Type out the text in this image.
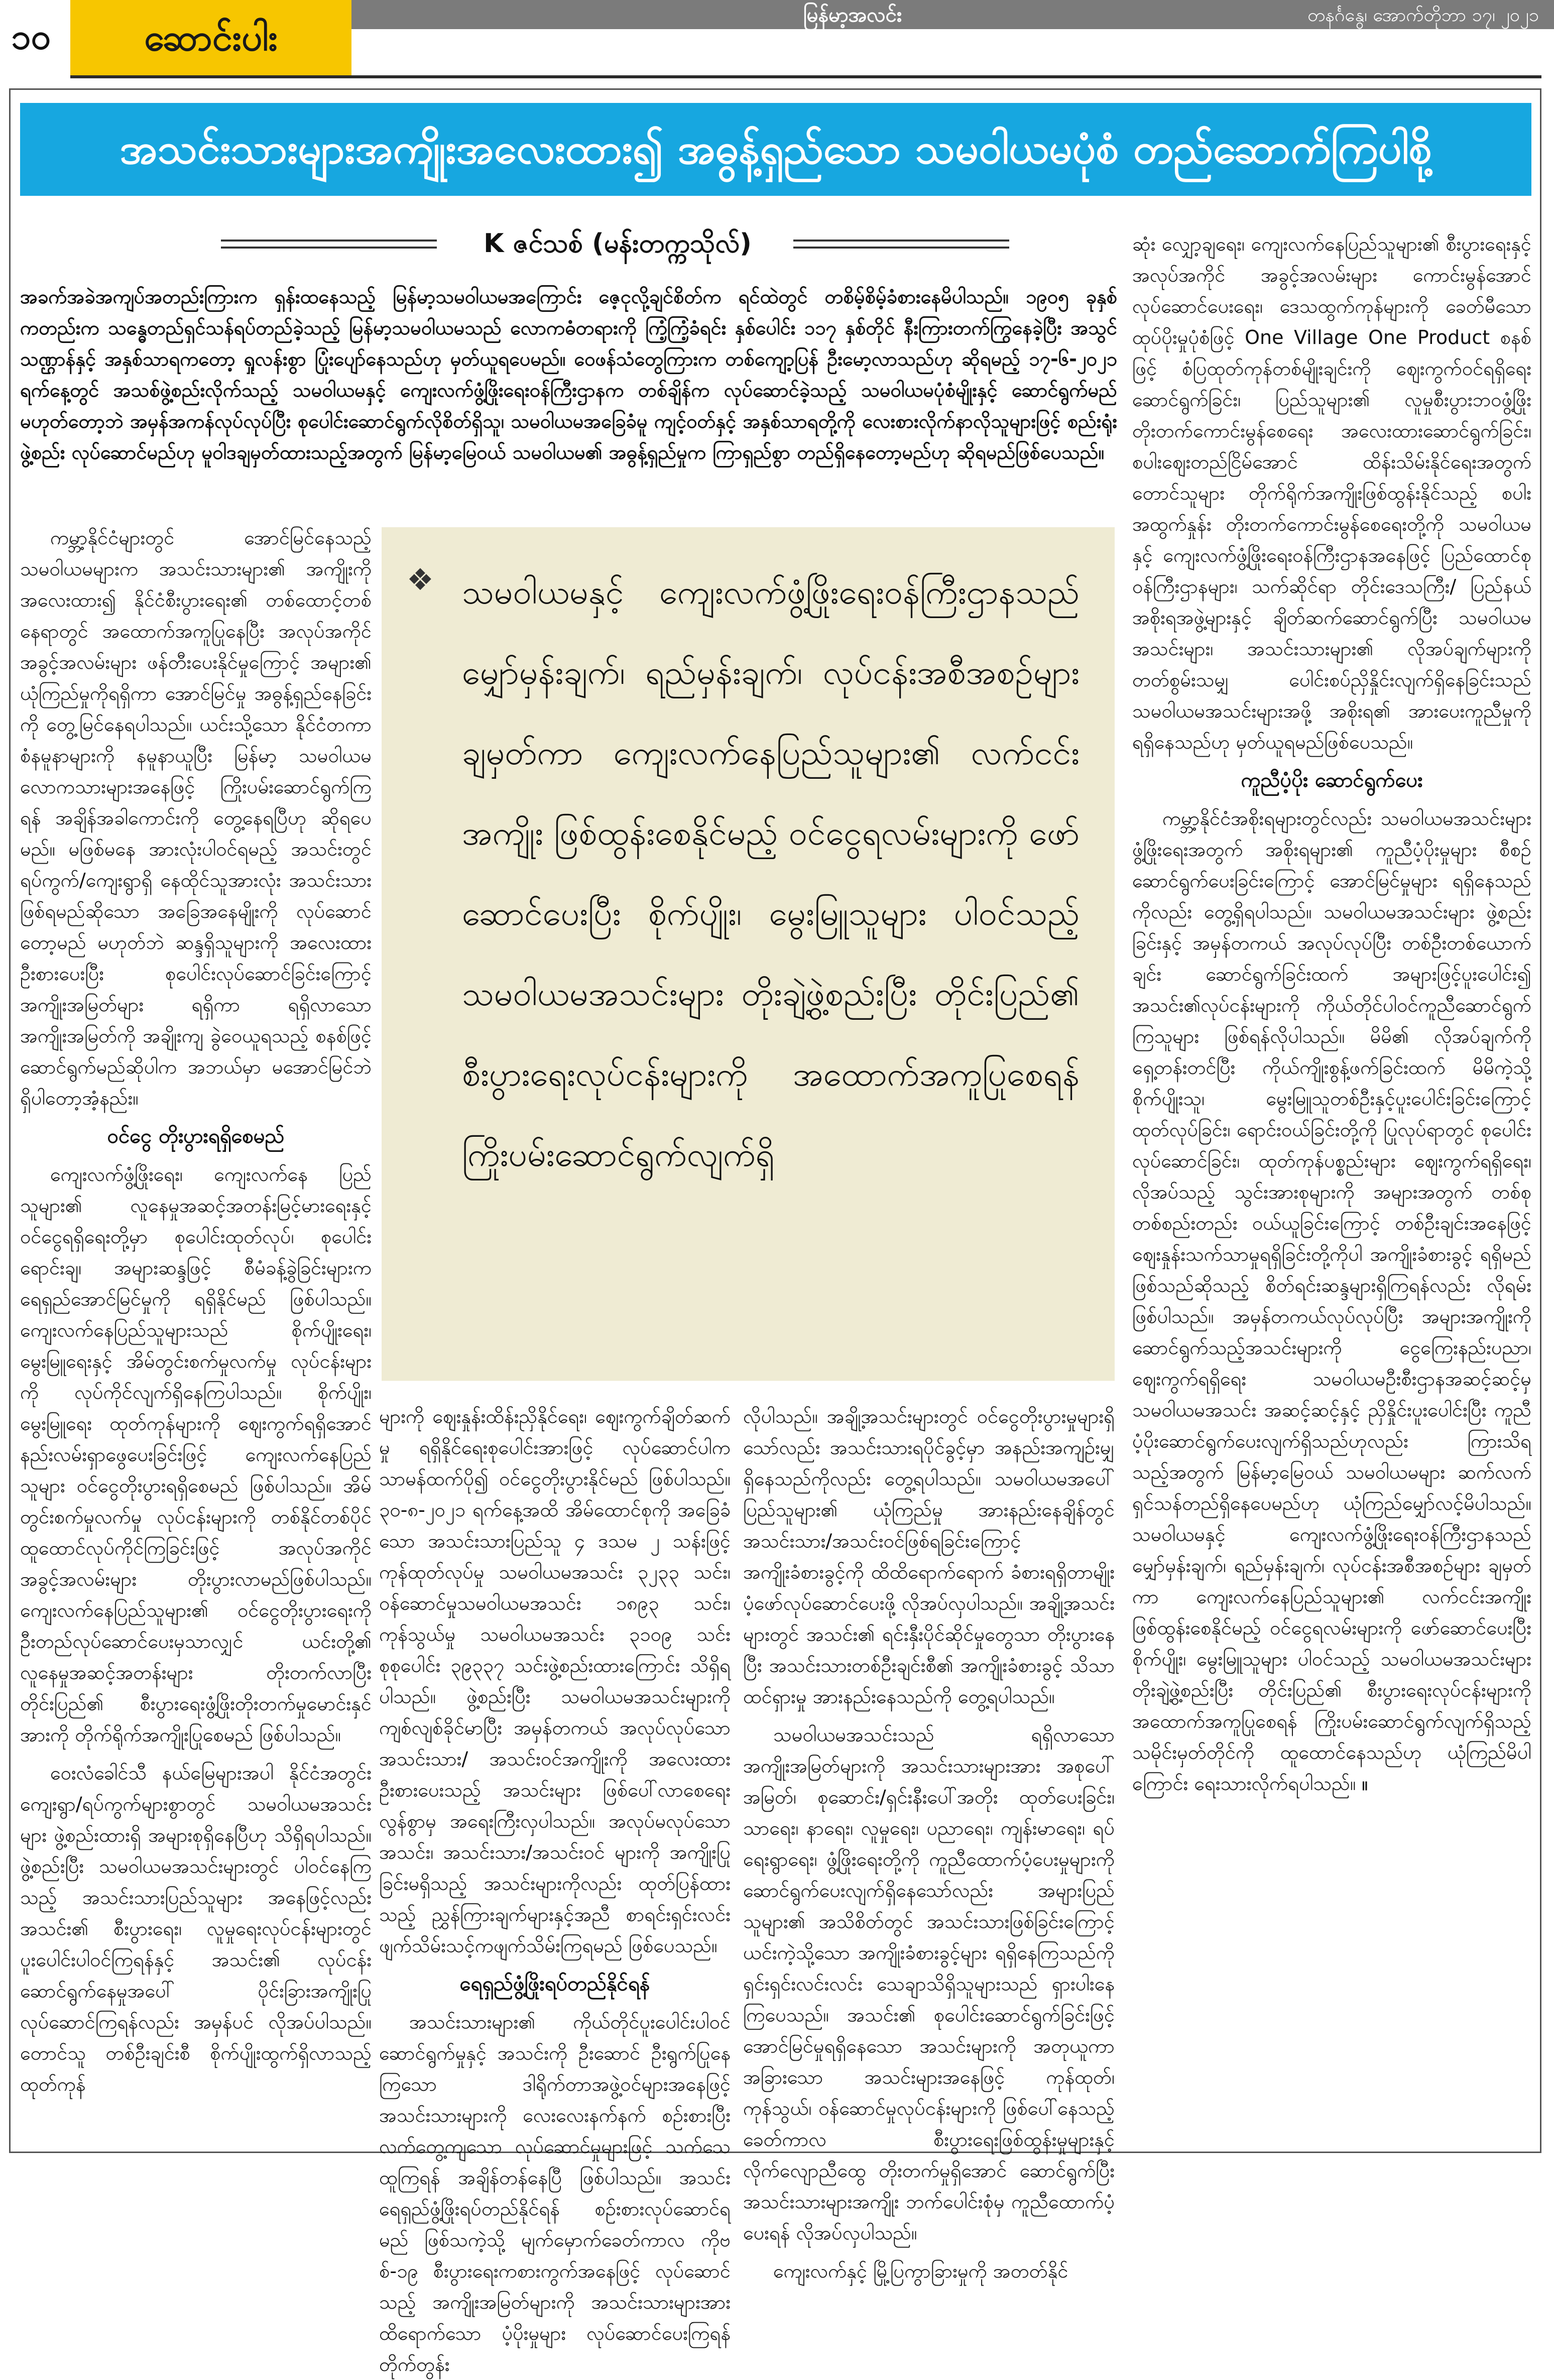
၁၀	ဆောင်းပါး
မြန်မာ့အလင်း	တနင်္ဂနွေ၊ အောက်တိုဘာ ၁၇၊ ၂၀၂၁
အသင်းသားများအကျိုးအလေးထား၍ အဓွန့်ရှည်သော သမဝါယမပုံစံ တည်ဆောက်ကြပါစို့
K ဇင်သစ် (မန်းတက္ကသိုလ်)

အခက်အခဲအကျပ်အတည်းကြားက ရှန်းထနေသည့် မြန်မာ့သမဝါယမအကြောင်း ဇေ့ငုလို့ချင်စိတ်က ရင်ထဲတွင် တစိမ့်စိမ့်ခံစားနေမိပါသည်။ ၁၉၀၅ ခုနှစ်ကတည်းက သန္ဓေတည်ရှင်သန်ရပ်တည်ခဲ့သည့် မြန်မာ့သမဝါယမသည် လောကဓံတရားကို ကြံ့ကြံ့ခံရင်း နှစ်ပေါင်း ၁၁၇ နှစ်တိုင် နီးကြားတက်ကြွနေခဲ့ပြီး အသွင်သဏ္ဌာန်နှင့် အနှစ်သာရကတော့ ရှုလန်းစွာ ပြုံးပျော်နေသည်ဟု မှတ်ယူရပေမည်။ ဝေဖန်သံတွေကြားက တစ်ကျော့ပြန် ဦးမော့လာသည်ဟု ဆိုရမည့် ၁၇-၆-၂၀၂၁ ရက်နေ့တွင် အသစ်ဖွဲ့စည်းလိုက်သည့် သမဝါယမနှင့် ကျေးလက်ဖွံ့ဖြိုးရေးဝန်ကြီးဌာနက တစ်ချိန်က လုပ်ဆောင်ခဲ့သည့် သမဝါယမပုံစံမျိုးနှင့် ဆောင်ရွက်မည် မဟုတ်တော့ဘဲ အမှန်အကန်လုပ်လုပ်ပြီး စုပေါင်းဆောင်ရွက်လိုစိတ်ရှိသူ၊ သမဝါယမအခြေခံမူ ကျင့်ဝတ်နှင့် အနှစ်သာရတို့ကို လေးစားလိုက်နာလိုသူများဖြင့် စည်းရုံးဖွဲ့စည်း လုပ်ဆောင်မည်ဟု မူဝါဒချမှတ်ထားသည့်အတွက် မြန်မာ့မြေဝယ် သမဝါယမ၏ အဓွန့်ရှည်မှုက ကြာရှည်စွာ တည်ရှိနေတော့မည်ဟု ဆိုရမည်ဖြစ်ပေသည်။

ကမ္ဘာ့နိုင်ငံများတွင် အောင်မြင်နေသည့် သမဝါယမများက အသင်းသားများ၏ အကျိုးကို အလေးထား၍ နိုင်ငံစီးပွားရေး၏ တစ်ထောင့်တစ်နေရာတွင် အထောက်အကူပြုနေပြီး အလုပ်အကိုင် အခွင့်အလမ်းများ ဖန်တီးပေးနိုင်မှုကြောင့် အများ၏ ယုံကြည်မှုကိုရရှိကာ အောင်မြင်မှု အဓွန့်ရှည်နေခြင်းကို တွေ့မြင်နေရပါသည်။ ယင်းသို့သော နိုင်ငံတကာစံနမူနာများကို နမူနာယူပြီး မြန်မာ့ သမဝါယမလောကသားများအနေဖြင့် ကြိုးပမ်းဆောင်ရွက်ကြရန် အချိန်အခါကောင်းကို တွေ့နေရပြီဟု ဆိုရပေမည်။ မဖြစ်မနေ အားလုံးပါဝင်ရမည့် အသင်းတွင် ရပ်ကွက်/ကျေးရွာရှိ နေထိုင်သူအားလုံး အသင်းသားဖြစ်ရမည်ဆိုသော အခြေအနေမျိုးကို လုပ်ဆောင်တော့မည် မဟုတ်ဘဲ ဆန္ဒရှိသူများကို အလေးထားဦးစားပေးပြီး စုပေါင်းလုပ်ဆောင်ခြင်းကြောင့် အကျိုးအမြတ်များ ရရှိကာ ရရှိလာသော အကျိုးအမြတ်ကို အချိုးကျ ခွဲဝေယူရသည့် စနစ်ဖြင့် ဆောင်ရွက်မည်ဆိုပါက အဘယ်မှာ မအောင်မြင်ဘဲ ရှိပါတော့အံ့နည်း။

ဝင်ငွေ တိုးပွားရရှိစေမည်

ကျေးလက်ဖွံ့ဖြိုးရေး၊ ကျေးလက်နေ ပြည်သူများ၏ လူနေမှုအဆင့်အတန်းမြင့်မားရေးနှင့် ဝင်ငွေရရှိရေးတို့မှာ စုပေါင်းထုတ်လုပ်၊ စုပေါင်းရောင်းချ၊ အများဆန္ဒဖြင့် စီမံခန့်ခွဲခြင်းများက ရေရှည်အောင်မြင်မှုကို ရရှိနိုင်မည် ဖြစ်ပါသည်။ ကျေးလက်နေပြည်သူများသည် စိုက်ပျိုးရေး၊ မွေးမြူရေးနှင့် အိမ်တွင်းစက်မှုလက်မှု လုပ်ငန်းများကို လုပ်ကိုင်လျက်ရှိနေကြပါသည်။ စိုက်ပျိုး၊ မွေးမြူရေး ထုတ်ကုန်များကို ဈေးကွက်ရရှိအောင် နည်းလမ်းရှာဖွေပေးခြင်းဖြင့် ကျေးလက်နေပြည်သူများ ဝင်ငွေတိုးပွားရရှိစေမည် ဖြစ်ပါသည်။ အိမ်တွင်းစက်မှုလက်မှု လုပ်ငန်းများကို တစ်နိုင်တစ်ပိုင်ထူထောင်လုပ်ကိုင်ကြခြင်းဖြင့် အလုပ်အကိုင်အခွင့်အလမ်းများ တိုးပွားလာမည်ဖြစ်ပါသည်။ ကျေးလက်နေပြည်သူများ၏ ဝင်ငွေတိုးပွားရေးကို ဦးတည်လုပ်ဆောင်ပေးမှသာလျှင် ယင်းတို့၏ လူနေမှုအဆင့်အတန်းများ တိုးတက်လာပြီး တိုင်းပြည်၏ စီးပွားရေးဖွံ့ဖြိုးတိုးတက်မှုမောင်းနှင်အားကို တိုက်ရိုက်အကျိုးပြုစေမည် ဖြစ်ပါသည်။

ဝေးလံခေါင်သီ နယ်မြေများအပါ နိုင်ငံအတွင်း ကျေးရွာ/ရပ်ကွက်များစွာတွင် သမဝါယမအသင်းများ ဖွဲ့စည်းထားရှိ အများစုရှိနေပြီဟု သိရှိရပါသည်။ ဖွဲ့စည်းပြီး သမဝါယမအသင်းများတွင် ပါဝင်နေကြသည့် အသင်းသားပြည်သူများ အနေဖြင့်လည်း အသင်း၏ စီးပွားရေး၊ လူမှုရေးလုပ်ငန်းများတွင် ပူးပေါင်းပါဝင်ကြရန်နှင့် အသင်း၏ လုပ်ငန်းဆောင်ရွက်နေမှုအပေါ် ပိုင်းခြားအကျိုးပြု လုပ်ဆောင်ကြရန်လည်း အမှန်ပင် လိုအပ်ပါသည်။ တောင်သူ တစ်ဦးချင်းစီ စိုက်ပျိုးထွက်ရှိလာသည့် ထုတ်ကုန်

❖ သမဝါယမနှင့် ကျေးလက်ဖွံ့ဖြိုးရေးဝန်ကြီးဌာနသည် မျှော်မှန်းချက်၊ ရည်မှန်းချက်၊ လုပ်ငန်းအစီအစဉ်များ ချမှတ်ကာ ကျေးလက်နေပြည်သူများ၏ လက်ငင်းအကျိုး ဖြစ်ထွန်းစေနိုင်မည့် ဝင်ငွေရလမ်းများကို ဖော်ဆောင်ပေးပြီး စိုက်ပျိုး၊ မွေးမြူသူများ ပါဝင်သည့် သမဝါယမအသင်းများ တိုးချဲ့ဖွဲ့စည်းပြီး တိုင်းပြည်၏ စီးပွားရေးလုပ်ငန်းများကို အထောက်အကူပြုစေရန် ကြိုးပမ်းဆောင်ရွက်လျက်ရှိ

များကို ဈေးနှုန်းထိန်းညှိနိုင်ရေး၊ ဈေးကွက်ချိတ်ဆက်မှု ရရှိနိုင်ရေးစုပေါင်းအားဖြင့် လုပ်ဆောင်ပါက သာမန်ထက်ပို၍ ဝင်ငွေတိုးပွားနိုင်မည် ဖြစ်ပါသည်။ ၃၀-၈-၂၀၂၁ ရက်နေ့အထိ အိမ်ထောင်စုကို အခြေခံသော အသင်းသားပြည်သူ ၄ ဒသမ ၂ သန်းဖြင့် ကုန်ထုတ်လုပ်မှု သမဝါယမအသင်း ၃၂၃၃ သင်း၊ ဝန်ဆောင်မှုသမဝါယမအသင်း ၁၈၉၃ သင်း၊ ကုန်သွယ်မှု သမဝါယမအသင်း ၃၁၀၉ သင်း စုစုပေါင်း ၃၉၃၃၇ သင်းဖွဲ့စည်းထားကြောင်း သိရှိရပါသည်။ ဖွဲ့စည်းပြီး သမဝါယမအသင်းများကို ကျစ်လျစ်ခိုင်မာပြီး အမှန်တကယ် အလုပ်လုပ်သော အသင်းသား/ အသင်းဝင်အကျိုးကို အလေးထား ဦးစားပေးသည့် အသင်းများ ဖြစ်ပေါ်လာစေရေး လွန်စွာမှ အရေးကြီးလှပါသည်။ အလုပ်မလုပ်သော အသင်း၊ အသင်းသား/အသင်းဝင် များကို အကျိုးပြုခြင်းမရှိသည့် အသင်းများကိုလည်း ထုတ်ပြန်ထားသည့် ညွှန်ကြားချက်များနှင့်အညီ စာရင်းရှင်းလင်း ဖျက်သိမ်းသင့်ကဖျက်သိမ်းကြရမည် ဖြစ်ပေသည်။

ရေရှည်ဖွံ့ဖြိုးရပ်တည်နိုင်ရန်

အသင်းသားများ၏ ကိုယ်တိုင်ပူးပေါင်းပါဝင် ဆောင်ရွက်မှုနှင့် အသင်းကို ဦးဆောင် ဦးရွက်ပြုနေကြသော ဒါရိုက်တာအဖွဲ့ဝင်များအနေဖြင့် အသင်းသားများကို လေးလေးနက်နက် စဉ်းစားပြီး လက်တွေ့ကျသော လုပ်ဆောင်မှုများဖြင့် သက်သေထူကြရန် အချိန်တန်နေပြီ ဖြစ်ပါသည်။ အသင်းရေရှည်ဖွံ့ဖြိုးရပ်တည်နိုင်ရန် စဉ်းစားလုပ်ဆောင်ရမည် ဖြစ်သကဲ့သို့ မျက်မှောက်ခေတ်ကာလ ကိုဗစ်-၁၉ စီးပွားရေးကစားကွက်အနေဖြင့် လုပ်ဆောင်သည့် အကျိုးအမြတ်များကို အသင်းသားများအား ထိရောက်သော ပံ့ပိုးမှုများ လုပ်ဆောင်ပေးကြရန် တိုက်တွန်း

လိုပါသည်။ အချို့အသင်းများတွင် ဝင်ငွေတိုးပွားမှုများရှိသော်လည်း အသင်းသားရပိုင်ခွင့်မှာ အနည်းအကျဉ်းမျှရှိနေသည်ကိုလည်း တွေ့ရပါသည်။ သမဝါယမအပေါ် ပြည်သူများ၏ ယုံကြည်မှု အားနည်းနေချိန်တွင် အသင်းသား/အသင်းဝင်ဖြစ်ရခြင်းကြောင့် အကျိုးခံစားခွင့်ကို ထိထိရောက်ရောက် ခံစားရရှိတာမျိုး ပံ့ဖော်လုပ်ဆောင်ပေးဖို့ လိုအပ်လှပါသည်။ အချို့အသင်းများတွင် အသင်း၏ ရင်းနှီးပိုင်ဆိုင်မှုတွေသာ တိုးပွားနေပြီး အသင်းသားတစ်ဦးချင်းစီ၏ အကျိုးခံစားခွင့် သိသာထင်ရှားမှု အားနည်းနေသည်ကို တွေ့ရပါသည်။

သမဝါယမအသင်းသည် ရရှိလာသောအကျိုးအမြတ်များကို အသင်းသားများအား အစုပေါ် အမြတ်၊ စုဆောင်း/ရှင်းနီးပေါ်အတိုး ထုတ်ပေးခြင်း၊ သာရေး၊ နာရေး၊ လူမှုရေး၊ ပညာရေး၊ ကျန်းမာရေး၊ ရပ်ရေးရွာရေး၊ ဖွံ့ဖြိုးရေးတို့ကို ကူညီထောက်ပံ့ပေးမှုများကို ဆောင်ရွက်ပေးလျက်ရှိနေသော်လည်း အများပြည်သူများ၏ အသိစိတ်တွင် အသင်းသားဖြစ်ခြင်းကြောင့် ယင်းကဲ့သို့သော အကျိုးခံစားခွင့်များ ရရှိနေကြသည်ကို ရှင်းရှင်းလင်းလင်း သေချာသိရှိသူများသည် ရှားပါးနေကြပေသည်။ အသင်း၏ စုပေါင်းဆောင်ရွက်ခြင်းဖြင့် အောင်မြင်မှုရရှိနေသော အသင်းများကို အတုယူကာ အခြားသော အသင်းများအနေဖြင့် ကုန်ထုတ်၊ ကုန်သွယ်၊ ဝန်ဆောင်မှုလုပ်ငန်းများကို ဖြစ်ပေါ်နေသည့် ခေတ်ကာလ စီးပွားရေးဖြစ်ထွန်းမှုများနှင့် လိုက်လျောညီထွေ တိုးတက်မှုရှိအောင် ဆောင်ရွက်ပြီး အသင်းသားများအကျိုး ဘက်ပေါင်းစုံမှ ကူညီထောက်ပံ့ပေးရန် လိုအပ်လှပါသည်။

ကျေးလက်နှင့် မြို့ပြကွာခြားမှုကို အတတ်နိုင်

ဆုံး လျှော့ချရေး၊ ကျေးလက်နေပြည်သူများ၏ စီးပွားရေးနှင့် အလုပ်အကိုင် အခွင့်အလမ်းများ ကောင်းမွန်အောင် လုပ်ဆောင်ပေးရေး၊ ဒေသထွက်ကုန်များကို ခေတ်မီသော ထုပ်ပိုးမှုပုံစံဖြင့် One Village One Product စနစ်ဖြင့် စံပြထုတ်ကုန်တစ်မျိုးချင်းကို ဈေးကွက်ဝင်ရရှိရေး ဆောင်ရွက်ခြင်း၊ ပြည်သူများ၏ လူမှုစီးပွားဘဝဖွံ့ဖြိုးတိုးတက်ကောင်းမွန်စေရေး အလေးထားဆောင်ရွက်ခြင်း၊ စပါးဈေးတည်ငြိမ်အောင် ထိန်းသိမ်းနိုင်ရေးအတွက် တောင်သူများ တိုက်ရိုက်အကျိုးဖြစ်ထွန်းနိုင်သည့် စပါးအထွက်နှုန်း တိုးတက်ကောင်းမွန်စေရေးတို့ကို သမဝါယမနှင့် ကျေးလက်ဖွံ့ဖြိုးရေးဝန်ကြီးဌာနအနေဖြင့် ပြည်ထောင်စုဝန်ကြီးဌာနများ၊ သက်ဆိုင်ရာ တိုင်းဒေသကြီး/ ပြည်နယ်အစိုးရအဖွဲ့များနှင့် ချိတ်ဆက်ဆောင်ရွက်ပြီး သမဝါယမအသင်းများ၊ အသင်းသားများ၏ လိုအပ်ချက်များကို တတ်စွမ်းသမျှ ပေါင်းစပ်ညှိနှိုင်းလျက်ရှိနေခြင်းသည် သမဝါယမအသင်းများအဖို့ အစိုးရ၏ အားပေးကူညီမှုကို ရရှိနေသည်ဟု မှတ်ယူရမည်ဖြစ်ပေသည်။

ကူညီပံ့ပိုး ဆောင်ရွက်ပေး

ကမ္ဘာ့နိုင်ငံအစိုးရများတွင်လည်း သမဝါယမအသင်းများဖွံ့ဖြိုးရေးအတွက် အစိုးရများ၏ ကူညီပံ့ပိုးမှုများ စီစဉ်ဆောင်ရွက်ပေးခြင်းကြောင့် အောင်မြင်မှုများ ရရှိနေသည်ကိုလည်း တွေ့ရှိရပါသည်။ သမဝါယမအသင်းများ ဖွဲ့စည်းခြင်းနှင့် အမှန်တကယ် အလုပ်လုပ်ပြီး တစ်ဦးတစ်ယောက်ချင်း ဆောင်ရွက်ခြင်းထက် အများဖြင့်ပူးပေါင်း၍ အသင်း၏လုပ်ငန်းများကို ကိုယ်တိုင်ပါဝင်ကူညီဆောင်ရွက်ကြသူများ ဖြစ်ရန်လိုပါသည်။ မိမိ၏ လိုအပ်ချက်ကို ရှေ့တန်းတင်ပြီး ကိုယ်ကျိုးစွန့်ဖက်ခြင်းထက် မိမိကဲ့သို့ စိုက်ပျိုးသူ၊ မွေးမြူသူတစ်ဦးနှင့်ပူးပေါင်းခြင်းကြောင့် ထုတ်လုပ်ခြင်း၊ ရောင်းဝယ်ခြင်းတို့ကို ပြုလုပ်ရာတွင် စုပေါင်းလုပ်ဆောင်ခြင်း၊ ထုတ်ကုန်ပစ္စည်းများ ဈေးကွက်ရရှိရေး၊ လိုအပ်သည့် သွင်းအားစုများကို အများအတွက် တစ်စုတစ်စည်းတည်း ဝယ်ယူခြင်းကြောင့် တစ်ဦးချင်းအနေဖြင့် ဈေးနှုန်းသက်သာမှုရရှိခြင်းတို့ကိုပါ အကျိုးခံစားခွင့် ရရှိမည်ဖြစ်သည်ဆိုသည့် စိတ်ရင်းဆန္ဒများရှိကြရန်လည်း လိုရမ်းဖြစ်ပါသည်။ အမှန်တကယ်လုပ်လုပ်ပြီး အများအကျိုးကို ဆောင်ရွက်သည့်အသင်းများကို ငွေကြေးနည်းပညာ၊ ဈေးကွက်ရရှိရေး သမဝါယမဦးစီးဌာနအဆင့်ဆင့်မှ သမဝါယမအသင်း အဆင့်ဆင့်နှင့် ညှိနှိုင်းပူးပေါင်းပြီး ကူညီပံ့ပိုးဆောင်ရွက်ပေးလျက်ရှိသည်ဟုလည်း ကြားသိရသည့်အတွက် မြန်မာ့မြေဝယ် သမဝါယမများ ဆက်လက် ရှင်သန်တည်ရှိနေပေမည်ဟု ယုံကြည်မျှော်လင့်မိပါသည်။ သမဝါယမနှင့် ကျေးလက်ဖွံ့ဖြိုးရေးဝန်ကြီးဌာနသည် မျှော်မှန်းချက်၊ ရည်မှန်းချက်၊ လုပ်ငန်းအစီအစဉ်များ ချမှတ်ကာ ကျေးလက်နေပြည်သူများ၏ လက်ငင်းအကျိုး ဖြစ်ထွန်းစေနိုင်မည့် ဝင်ငွေရလမ်းများကို ဖော်ဆောင်ပေးပြီး စိုက်ပျိုး၊ မွေးမြူသူများ ပါဝင်သည့် သမဝါယမအသင်းများ တိုးချဲ့ဖွဲ့စည်းပြီး တိုင်းပြည်၏ စီးပွားရေးလုပ်ငန်းများကို အထောက်အကူပြုစေရန် ကြိုးပမ်းဆောင်ရွက်လျက်ရှိသည့် သမိုင်းမှတ်တိုင်ကို ထူထောင်နေသည်ဟု ယုံကြည်မိပါကြောင်း ရေးသားလိုက်ရပါသည်။ ။
